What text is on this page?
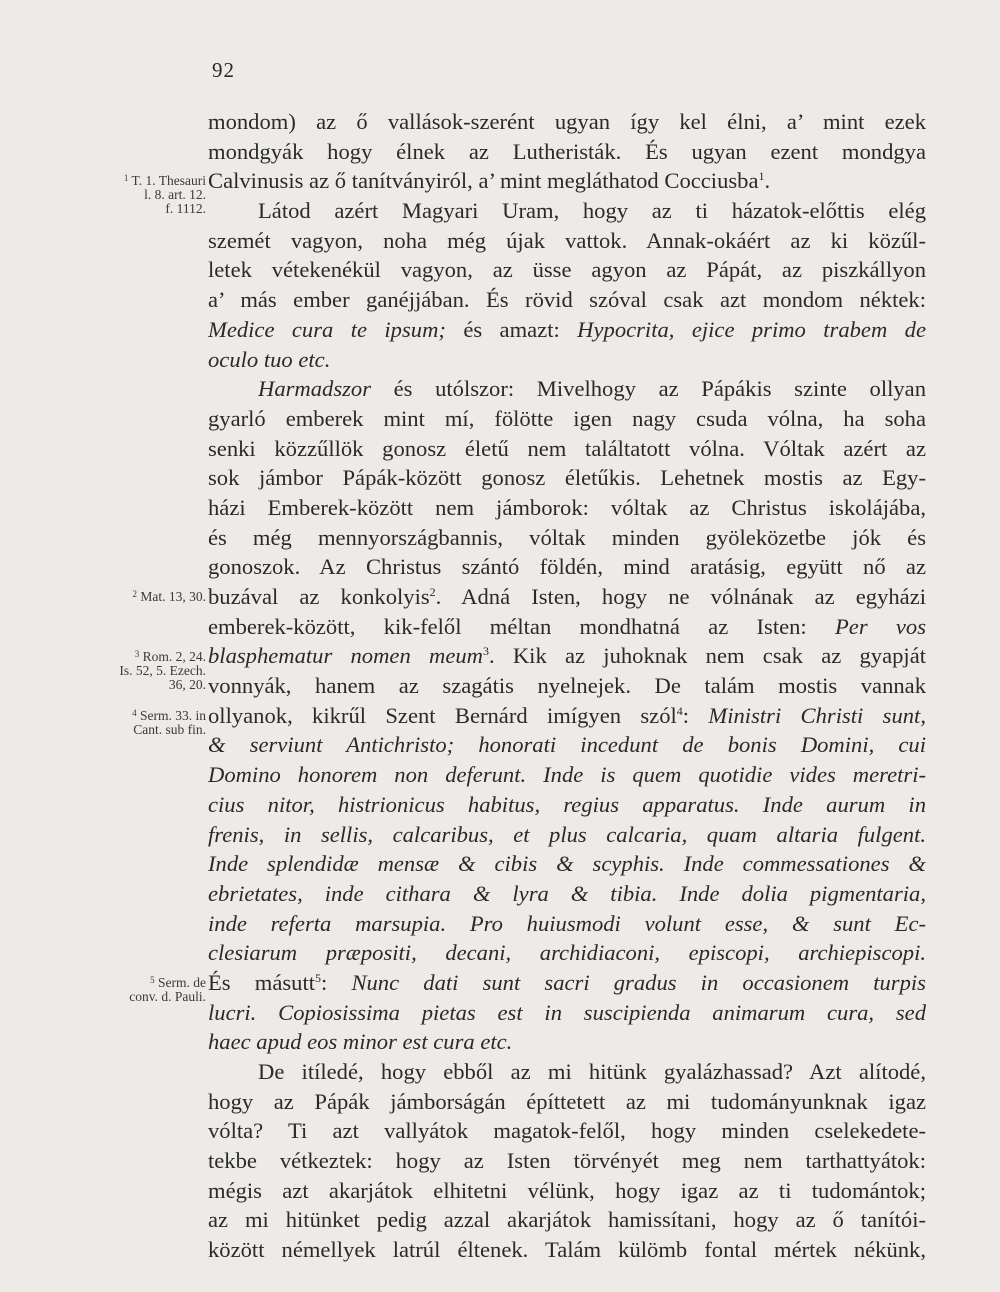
92
mondom) az ő vallások-szerént ugyan így kel élni, a’ mint ezek
mondgyák hogy élnek az Lutheristák. És ugyan ezent mondgya
Calvinusis az ő tanítványiról, a’ mint megláthatod Cocciusba$^1$.
Látod azért Magyari Uram, hogy az ti házatok-előttis elég
szemét vagyon, noha még újak vattok. Annak-okáért az ki közűl-
letek vétekenékül vagyon, az üsse agyon az Pápát, az piszkállyon
a’ más ember ganéjjában. És rövid szóval csak azt mondom néktek:
Medice cura te ipsum; és amazt: Hypocrita, ejice primo trabem de
oculo tuo etc.
Harmadszor és utólszor: Mivelhogy az Pápákis szinte ollyan
gyarló emberek mint mí, fölötte igen nagy csuda vólna, ha soha
senki közzűllök gonosz életű nem találtatott vólna. Vóltak azért az
sok jámbor Pápák-között gonosz életűkis. Lehetnek mostis az Egy-
házi Emberek-között nem jámborok: vóltak az Christus iskolájába,
és még mennyországbannis, vóltak minden gyöleközetbe jók és
gonoszok. Az Christus szántó földén, mind aratásig, együtt nő az
buzával az konkolyis$^2$. Adná Isten, hogy ne vólnának az egyházi
emberek-között, kik-felől méltan mondhatná az Isten: Per vos
blasphematur nomen meum$^3$. Kik az juhoknak nem csak az gyapját
vonnyák, hanem az szagátis nyelnejek. De talám mostis vannak
ollyanok, kikrűl Szent Bernárd imígyen szól$^4$: Ministri Christi sunt,
& serviunt Antichristo; honorati incedunt de bonis Domini, cui
Domino honorem non deferunt. Inde is quem quotidie vides meretri-
cius nitor, histrionicus habitus, regius apparatus. Inde aurum in
frenis, in sellis, calcaribus, et plus calcaria, quam altaria fulgent.
Inde splendidæ mensæ & cibis & scyphis. Inde commessationes &
ebrietates, inde cithara & lyra & tibia. Inde dolia pigmentaria,
inde referta marsupia. Pro huiusmodi volunt esse, & sunt Ec-
clesiarum præpositi, decani, archidiaconi, episcopi, archiepiscopi.
És másutt$^5$: Nunc dati sunt sacri gradus in occasionem turpis
lucri. Copiosissima pietas est in suscipienda animarum cura, sed
haec apud eos minor est cura etc.
De itíledé, hogy ebből az mi hitünk gyalázhassad? Azt alítodé,
hogy az Pápák jámborságán építtetett az mi tudományunknak igaz
vólta? Ti azt vallyátok magatok-felől, hogy minden cselekedete-
tekbe vétkeztek: hogy az Isten törvényét meg nem tarthattyátok:
mégis azt akarjátok elhitetni vélünk, hogy igaz az ti tudomántok;
az mi hitünket pedig azzal akarjátok hamissítani, hogy az ő tanítói-
között némellyek latrúl éltenek. Talám külömb fontal mértek nékünk,
$^1$ T. 1. Thesauri
l. 8. art. 12.
f. 1112.
$^2$ Mat. 13, 30.
$^3$ Rom. 2, 24.
Is. 52, 5. Ezech.
36, 20.
$^4$ Serm. 33. in
Cant. sub fin.
$^5$ Serm. de
conv. d. Pauli.
